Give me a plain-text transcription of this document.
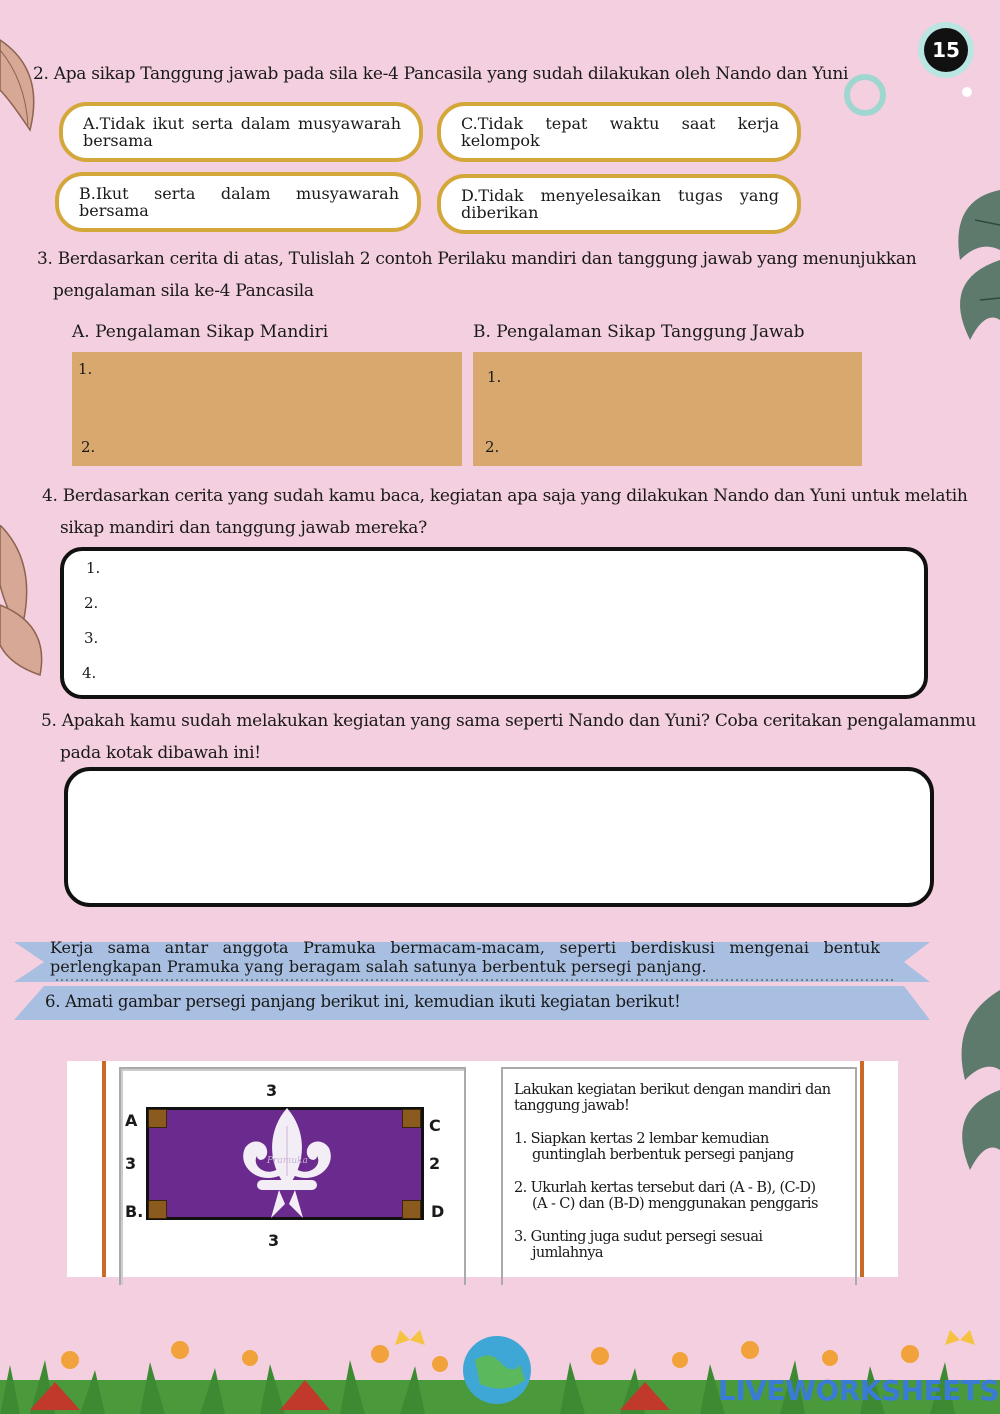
15
2. Apa sikap Tanggung jawab pada sila ke-4 Pancasila yang sudah dilakukan oleh Nando dan Yuni
A.Tidak ikut serta dalam musyawarah bersama
C.Tidak tepat waktu saat kerja kelompok
B.Ikut serta dalam musyawarah bersama
D.Tidak menyelesaikan tugas yang diberikan
3. Berdasarkan cerita di atas, Tulislah 2 contoh Perilaku mandiri dan tanggung jawab yang menunjukkan
pengalaman sila ke-4 Pancasila
A. Pengalaman Sikap Mandiri	B. Pengalaman Sikap Tanggung Jawab
1.
2.
1.
2.
4. Berdasarkan cerita yang sudah kamu baca, kegiatan apa saja yang dilakukan Nando dan Yuni untuk melatih
sikap mandiri dan tanggung jawab mereka?
1.
2.
3.
4.
5. Apakah kamu sudah melakukan kegiatan yang sama seperti Nando dan Yuni? Coba ceritakan pengalamanmu
pada kotak dibawah ini!
Kerja sama antar anggota Pramuka bermacam-macam, seperti berdiskusi mengenai bentuk
perlengkapan Pramuka yang beragam salah satunya berbentuk persegi panjang.
6. Amati gambar persegi panjang berikut ini, kemudian ikuti kegiatan berikut!
3
3
3	2
A
B.
C
D
Pramuka
Lakukan kegiatan berikut dengan mandiri dan tanggung jawab!
1. Siapkan kertas 2 lembar kemudian
guntinglah berbentuk persegi panjang
2. Ukurlah kertas tersebut dari (A - B), (C-D)
(A - C) dan (B-D) menggunakan penggaris
3. Gunting juga sudut persegi sesuai
jumlahnya
LIVEWORKSHEETS
